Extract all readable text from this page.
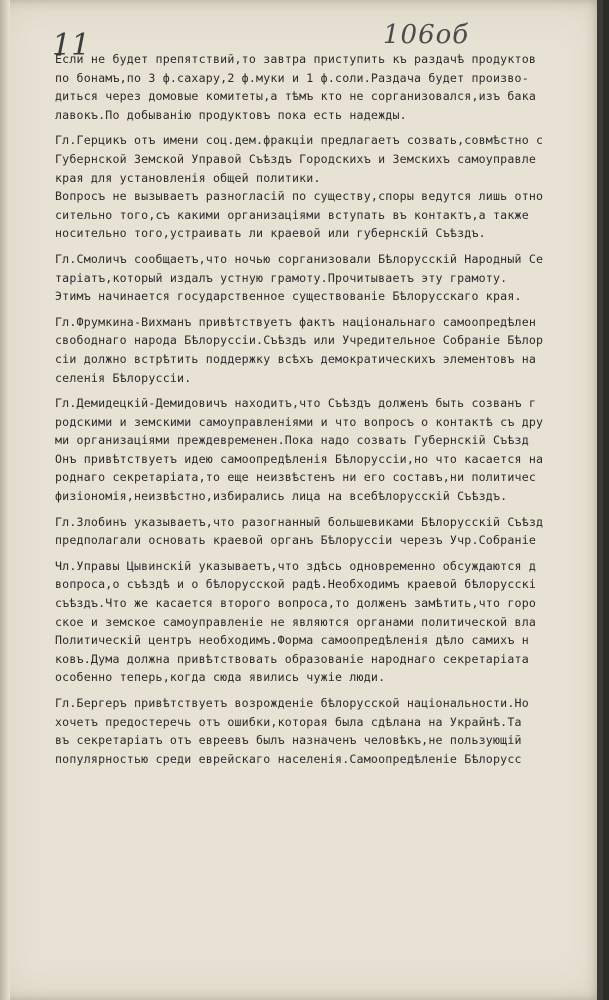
11	106об
Если не будет препятствий,то завтра приступить къ раздачѣ продуктов
по бонамъ,по 3 ф.сахару,2 ф.муки и 1 ф.соли.Раздача будет произво-
диться через домовые комитеты,а тѣмъ кто не сорганизовался,изъ бака
лавокъ.По добыванію продуктовъ пока есть надежды.
Гл.Герцикъ отъ имени соц.дем.фракціи предлагаетъ созвать,совмѣстно с
Губернской Земской Управой Съѣздъ Городскихъ и Земскихъ самоуправле
края для установленія общей политики.
Вопросъ не вызываетъ разногласій по существу,споры ведутся лишь отно
сительно того,съ какими организаціями вступать въ контактъ,а также
носительно того,устраивать ли краевой или губернскій Съѣздъ.
Гл.Смоличъ сообщаетъ,что ночью сорганизовали Бѣлорусскій Народный Се
таріатъ,который издалъ устную грамоту.Прочитываетъ эту грамоту.
Этимъ начинается государственное существованіе Бѣлорусскаго края.
Гл.Фрумкина-Вихманъ привѣтствуетъ фактъ національнаго самоопредѣлен
свободнаго народа Бѣлоруссіи.Съѣздъ или Учредительное Собраніе Бѣлор
сіи должно встрѣтить поддержку всѣхъ демократическихъ элементовъ на
селенія Бѣлоруссіи.
Гл.Демидецкій-Демидовичъ находитъ,что Съѣздъ долженъ быть созванъ г
родскими и земскими самоуправленіями и что вопросъ о контактѣ съ дру
ми организаціями преждевременен.Пока надо созвать Губернскій Съѣзд
Онъ привѣтствуетъ идею самоопредѣленія Бѣлоруссіи,но что касается на
роднаго секретаріата,то еще неизвѣстенъ ни его составъ,ни политичес
физіономія,неизвѣстно,избирались лица на всебѣлорусскій Съѣздъ.
Гл.Злобинъ указываетъ,что разогнанный большевиками Бѣлорусскій Съѣзд
предполагали основать краевой органъ Бѣлоруссіи черезъ Учр.Собраніе
Чл.Управы Цывинскій указываетъ,что здѣсь одновременно обсуждаются д
вопроса,о съѣздѣ и о бѣлорусской радѣ.Необходимъ краевой бѣлорусскі
съѣздъ.Что же касается второго вопроса,то долженъ замѣтить,что горо
ское и земское самоуправленіе не являются органами политической вла
Политическій центръ необходимъ.Форма самоопредѣленія дѣло самихъ н
ковъ.Дума должна привѣтствовать образованіе народнаго секретаріата
особенно теперь,когда сюда явились чужіе люди.
Гл.Бергеръ привѣтствуетъ возрожденіе бѣлорусской національности.Но
хочетъ предостеречь отъ ошибки,которая была сдѣлана на Украйнѣ.Та
въ секретаріатъ отъ евреевъ былъ назначенъ человѣкъ,не пользующій
популярностью среди еврейскаго населенія.Самоопредѣленіе Бѣлорусс
